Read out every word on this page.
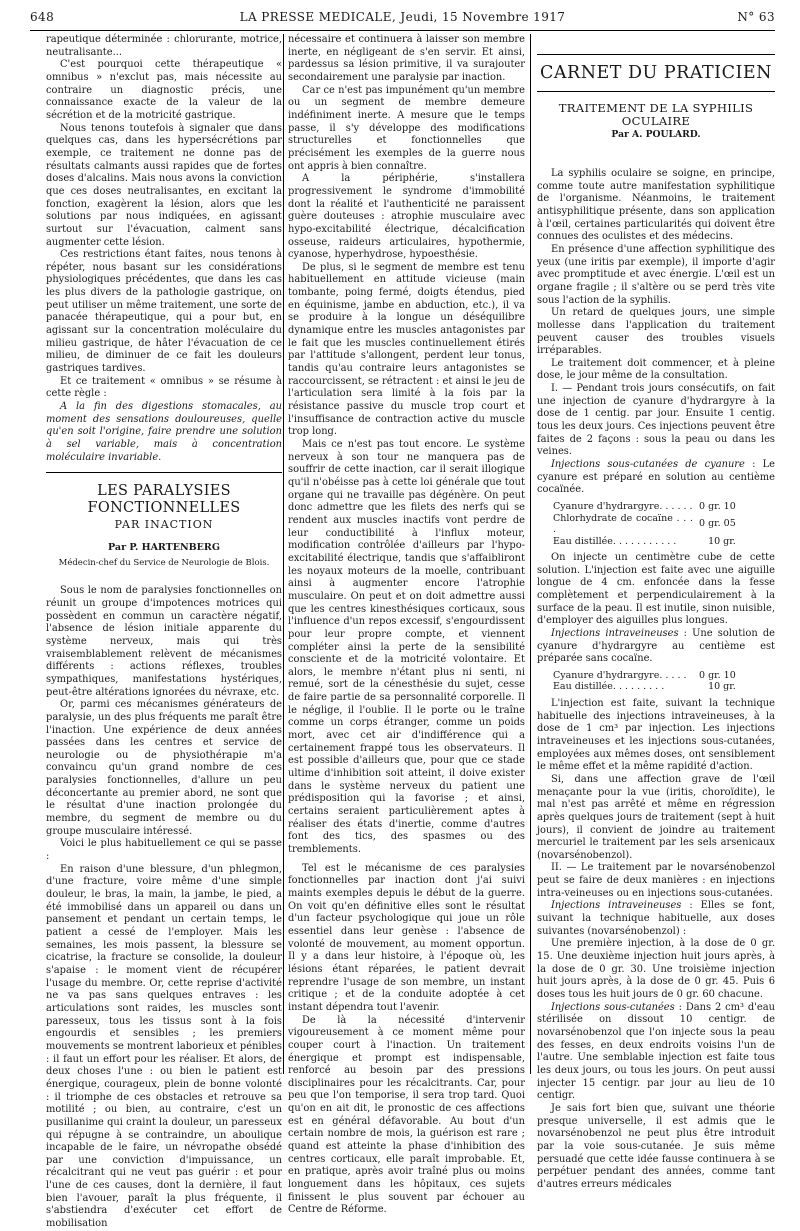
648	LA PRESSE MEDICALE, Jeudi, 15 Novembre 1917	N° 63

rapeutique déterminée : chlorurante, motrice, neutralisante...

C'est pourquoi cette thérapeutique « omnibus » n'exclut pas, mais nécessite au contraire un diagnostic précis, une connaissance exacte de la valeur de la sécrétion et de la motricité gastrique.

Nous tenons toutefois à signaler que dans quelques cas, dans les hypersécrétions par exemple, ce traitement ne donne pas de résultats calmants aussi rapides que de fortes doses d'alcalins. Mais nous avons la conviction que ces doses neutralisantes, en excitant la fonction, exagèrent la lésion, alors que les solutions par nous indiquées, en agissant surtout sur l'évacuation, calment sans augmenter cette lésion.

Ces restrictions étant faites, nous tenons à répéter, nous basant sur les considérations physiologiques précédentes, que dans les cas les plus divers de la pathologie gastrique, on peut utiliser un même traitement, une sorte de panacée thérapeutique, qui a pour but, en agissant sur la concentration moléculaire du milieu gastrique, de hâter l'évacuation de ce milieu, de diminuer de ce fait les douleurs gastriques tardives.

Et ce traitement « omnibus » se résume à cette règle :

A la fin des digestions stomacales, au moment des sensations douloureuses, quelle qu'en soit l'origine, faire prendre une solution à sel variable, mais à concentration moléculaire invariable.

LES PARALYSIES FONCTIONNELLES
PAR INACTION
Par P. HARTENBERG
Médecin-chef du Service de Neurologie de Blois.

Sous le nom de paralysies fonctionnelles on réunit un groupe d'impotences motrices qui possèdent en commun un caractère négatif, l'absence de lésion initiale apparente du système nerveux, mais qui très vraisemblablement relèvent de mécanismes différents : actions réflexes, troubles sympathiques, manifestations hystériques, peut-être altérations ignorées du névraxe, etc.

Or, parmi ces mécanismes générateurs de paralysie, un des plus fréquents me paraît être l'inaction. Une expérience de deux années passées dans les centres et service de neurologie ou de physiothérapie m'a convaincu qu'un grand nombre de ces paralysies fonctionnelles, d'allure un peu déconcertante au premier abord, ne sont que le résultat d'une inaction prolongée du membre, du segment de membre ou du groupe musculaire intéressé.

Voici le plus habituellement ce qui se passe :

En raison d'une blessure, d'un phlegmon, d'une fracture, voire même d'une simple douleur, le bras, la main, la jambe, le pied, a été immobilisé dans un appareil ou dans un pansement et pendant un certain temps, le patient a cessé de l'employer. Mais les semaines, les mois passent, la blessure se cicatrise, la fracture se consolide, la douleur s'apaise : le moment vient de récupérer l'usage du membre. Or, cette reprise d'activité ne va pas sans quelques entraves : les articulations sont raides, les muscles sont paresseux, tous les tissus sont à la fois engourdis et sensibles ; les premiers mouvements se montrent laborieux et pénibles : il faut un effort pour les réaliser. Et alors, de deux choses l'une : ou bien le patient est énergique, courageux, plein de bonne volonté : il triomphe de ces obstacles et retrouve sa motilité ; ou bien, au contraire, c'est un pusillanime qui craint la douleur, un paresseux qui répugne à se contraindre, un aboulique incapable de le faire, un névropathe obsédé par une conviction d'impuissance, un récalcitrant qui ne veut pas guérir : et pour l'une de ces causes, dont la dernière, il faut bien l'avouer, paraît la plus fréquente, il s'abstiendra d'exécuter cet effort de mobilisation

nécessaire et continuera à laisser son membre inerte, en négligeant de s'en servir. Et ainsi, pardessus sa lésion primitive, il va surajouter secondairement une paralysie par inaction.

Car ce n'est pas impunément qu'un membre ou un segment de membre demeure indéfiniment inerte. A mesure que le temps passe, il s'y développe des modifications structurelles et fonctionnelles que précisément les exemples de la guerre nous ont appris à bien connaître.

A la périphérie, s'installera progressivement le syndrome d'immobilité dont la réalité et l'authenticité ne paraissent guère douteuses : atrophie musculaire avec hypo-excitabilité électrique, décalcification osseuse, raideurs articulaires, hypothermie, cyanose, hyperhydrose, hypoesthésie.

De plus, si le segment de membre est tenu habituellement en attitude vicieuse (main tombante, poing fermé, doigts étendus, pied en équinisme, jambe en abduction, etc.), il va se produire à la longue un déséquilibre dynamique entre les muscles antagonistes par le fait que les muscles continuellement étirés par l'attitude s'allongent, perdent leur tonus, tandis qu'au contraire leurs antagonistes se raccourcissent, se rétractent : et ainsi le jeu de l'articulation sera limité à la fois par la résistance passive du muscle trop court et l'insuffisance de contraction active du muscle trop long.

Mais ce n'est pas tout encore. Le système nerveux à son tour ne manquera pas de souffrir de cette inaction, car il serait illogique qu'il n'obéisse pas à cette loi générale que tout organe qui ne travaille pas dégénère. On peut donc admettre que les filets des nerfs qui se rendent aux muscles inactifs vont perdre de leur conductibilité à l'influx moteur, modification contrôlée d'ailleurs par l'hypo-excitabilité électrique, tandis que s'affaibliront les noyaux moteurs de la moelle, contribuant ainsi à augmenter encore l'atrophie musculaire. On peut et on doit admettre aussi que les centres kinesthésiques corticaux, sous l'influence d'un repos excessif, s'engourdissent pour leur propre compte, et viennent compléter ainsi la perte de la sensibilité consciente et de la motricité volontaire. Et alors, le membre n'étant plus ni senti, ni remué, sort de la cénesthésie du sujet, cesse de faire partie de sa personnalité corporelle. Il le néglige, il l'oublie. Il le porte ou le traîne comme un corps étranger, comme un poids mort, avec cet air d'indifférence qui a certainement frappé tous les observateurs. Il est possible d'ailleurs que, pour que ce stade ultime d'inhibition soit atteint, il doive exister dans le système nerveux du patient une prédisposition qui la favorise ; et ainsi, certains seraient particulièrement aptes à réaliser des états d'inertie, comme d'autres font des tics, des spasmes ou des tremblements.

Tel est le mécanisme de ces paralysies fonctionnelles par inaction dont j'ai suivi maints exemples depuis le début de la guerre. On voit qu'en définitive elles sont le résultat d'un facteur psychologique qui joue un rôle essentiel dans leur genèse : l'absence de volonté de mouvement, au moment opportun. Il y a dans leur histoire, à l'époque où, les lésions étant réparées, le patient devrait reprendre l'usage de son membre, un instant critique ; et de la conduite adoptée à cet instant dépendra tout l'avenir.

De là la nécessité d'intervenir vigoureusement à ce moment même pour couper court à l'inaction. Un traitement énergique et prompt est indispensable, renforcé au besoin par des pressions disciplinaires pour les récalcitrants. Car, pour peu que l'on temporise, il sera trop tard. Quoi qu'on en ait dit, le pronostic de ces affections est en général défavorable. Au bout d'un certain nombre de mois, la guérison est rare ; quand est atteinte la phase d'inhibition des centres corticaux, elle paraît improbable. Et, en pratique, après avoir traîné plus ou moins longuement dans les hôpitaux, ces sujets finissent le plus souvent par échouer au Centre de Réforme.

CARNET DU PRATICIEN
TRAITEMENT DE LA SYPHILIS OCULAIRE
Par A. POULARD.

La syphilis oculaire se soigne, en principe, comme toute autre manifestation syphilitique de l'organisme. Néanmoins, le traitement antisyphilitique présente, dans son application à l'œil, certaines particularités qui doivent être connues des oculistes et des médecins.

En présence d'une affection syphilitique des yeux (une iritis par exemple), il importe d'agir avec promptitude et avec énergie. L'œil est un organe fragile ; il s'altère ou se perd très vite sous l'action de la syphilis.

Un retard de quelques jours, une simple mollesse dans l'application du traitement peuvent causer des troubles visuels irréparables.

Le traitement doit commencer, et à pleine dose, le jour même de la consultation.

I. — Pendant trois jours consécutifs, on fait une injection de cyanure d'hydrargyre à la dose de 1 centig. par jour. Ensuite 1 centig. tous les deux jours. Ces injections peuvent être faites de 2 façons : sous la peau ou dans les veines.

Injections sous-cutanées de cyanure : Le cyanure est préparé en solution au centième cocaïnée.

Cyanure d'hydrargyre. . . . . .	0 gr. 10
Chlorhydrate de cocaïne . . . .	0 gr. 05
Eau distillée. . . . . . . . . . .	10 gr.

On injecte un centimètre cube de cette solution. L'injection est faite avec une aiguille longue de 4 cm. enfoncée dans la fesse complètement et perpendiculairement à la surface de la peau. Il est inutile, sinon nuisible, d'employer des aiguilles plus longues.

Injections intraveineuses : Une solution de cyanure d'hydrargyre au centième est préparée sans cocaïne.

Cyanure d'hydrargyre. . . . .	0 gr. 10
Eau distillée. . . . . . . . .	10 gr.

L'injection est faite, suivant la technique habituelle des injections intraveineuses, à la dose de 1 cm³ par injection. Les injections intraveineuses et les injections sous-cutanées, employées aux mêmes doses, ont sensiblement le même effet et la même rapidité d'action.

Si, dans une affection grave de l'œil menaçante pour la vue (iritis, choroïdite), le mal n'est pas arrêté et même en régression après quelques jours de traitement (sept à huit jours), il convient de joindre au traitement mercuriel le traitement par les sels arsenicaux (novarsénobenzol).

II. — Le traitement par le novarsénobenzol peut se faire de deux manières : en injections intra-veineuses ou en injections sous-cutanées.

Injections intraveineuses : Elles se font, suivant la technique habituelle, aux doses suivantes (novarsénobenzol) :

Une première injection, à la dose de 0 gr. 15. Une deuxième injection huit jours après, à la dose de 0 gr. 30. Une troisième injection huit jours après, à la dose de 0 gr. 45. Puis 6 doses tous les huit jours de 0 gr. 60 chacune.

Injections sous-cutanées : Dans 2 cm³ d'eau stérilisée on dissout 10 centigr. de novarsénobenzol que l'on injecte sous la peau des fesses, en deux endroits voisins l'un de l'autre. Une semblable injection est faite tous les deux jours, ou tous les jours. On peut aussi injecter 15 centigr. par jour au lieu de 10 centigr.

Je sais fort bien que, suivant une théorie presque universelle, il est admis que le novarsénobenzol ne peut plus être introduit par la voie sous-cutanée. Je suis même persuadé que cette idée fausse continuera à se perpétuer pendant des années, comme tant d'autres erreurs médicales
